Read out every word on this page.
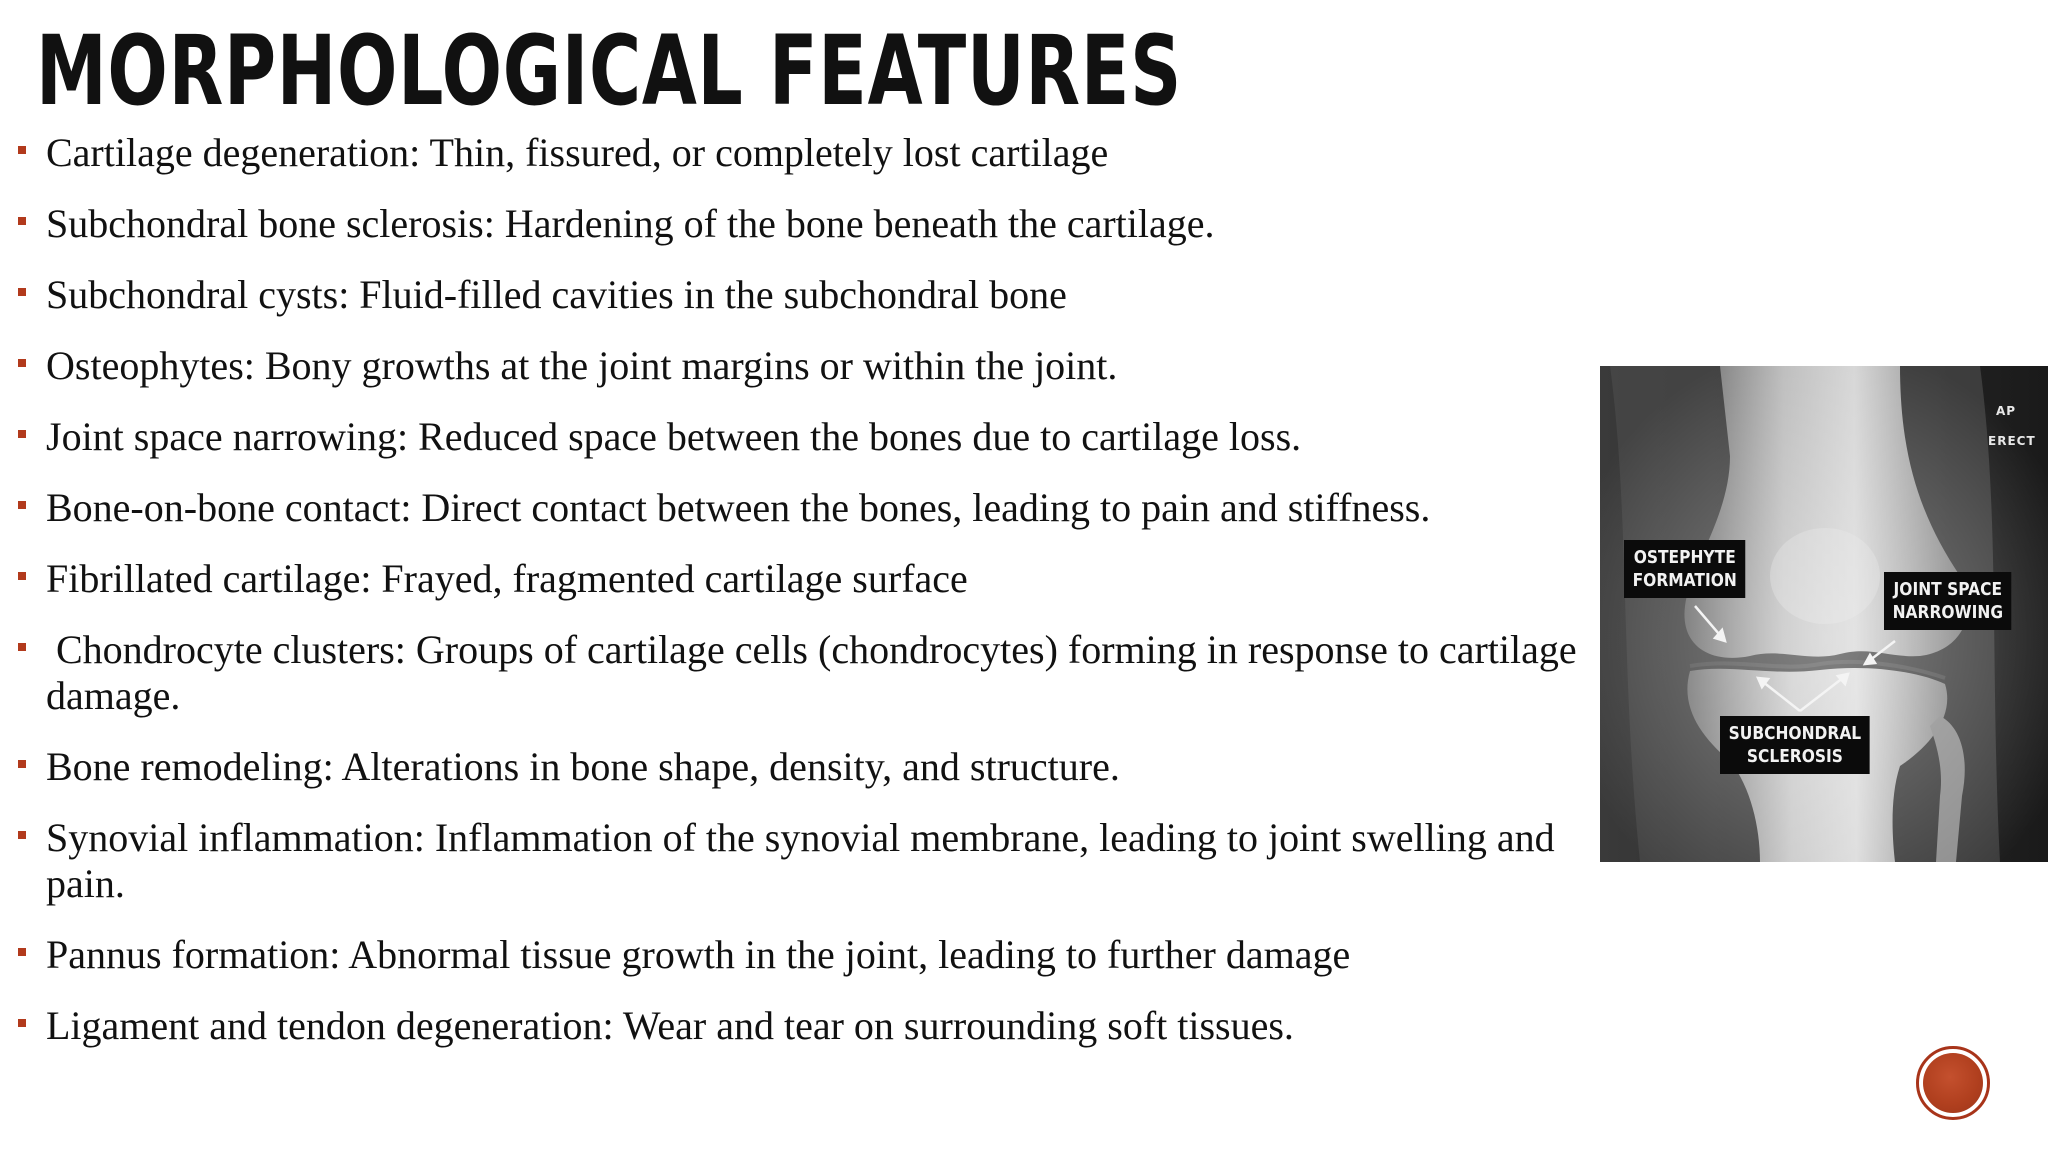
MORPHOLOGICAL FEATURES
Cartilage degeneration: Thin, fissured, or completely lost cartilage
Subchondral bone sclerosis: Hardening of the bone beneath the cartilage.
Subchondral cysts: Fluid-filled cavities in the subchondral bone
Osteophytes: Bony growths at the joint margins or within the joint.
Joint space narrowing: Reduced space between the bones due to cartilage loss.
Bone-on-bone contact: Direct contact between the bones, leading to pain and stiffness.
Fibrillated cartilage: Frayed, fragmented cartilage surface
Chondrocyte clusters: Groups of cartilage cells (chondrocytes) forming in response to cartilage damage.
Bone remodeling: Alterations in bone shape, density, and structure.
Synovial inflammation: Inflammation of the synovial membrane, leading to joint swelling and pain.
Pannus formation: Abnormal tissue growth in the joint, leading to further damage
Ligament and tendon degeneration: Wear and tear on surrounding soft tissues.
AP
ERECT
OSTEPHYTE
FORMATION	JOINT SPACE
NARROWING
SUBCHONDRAL
SCLEROSIS
